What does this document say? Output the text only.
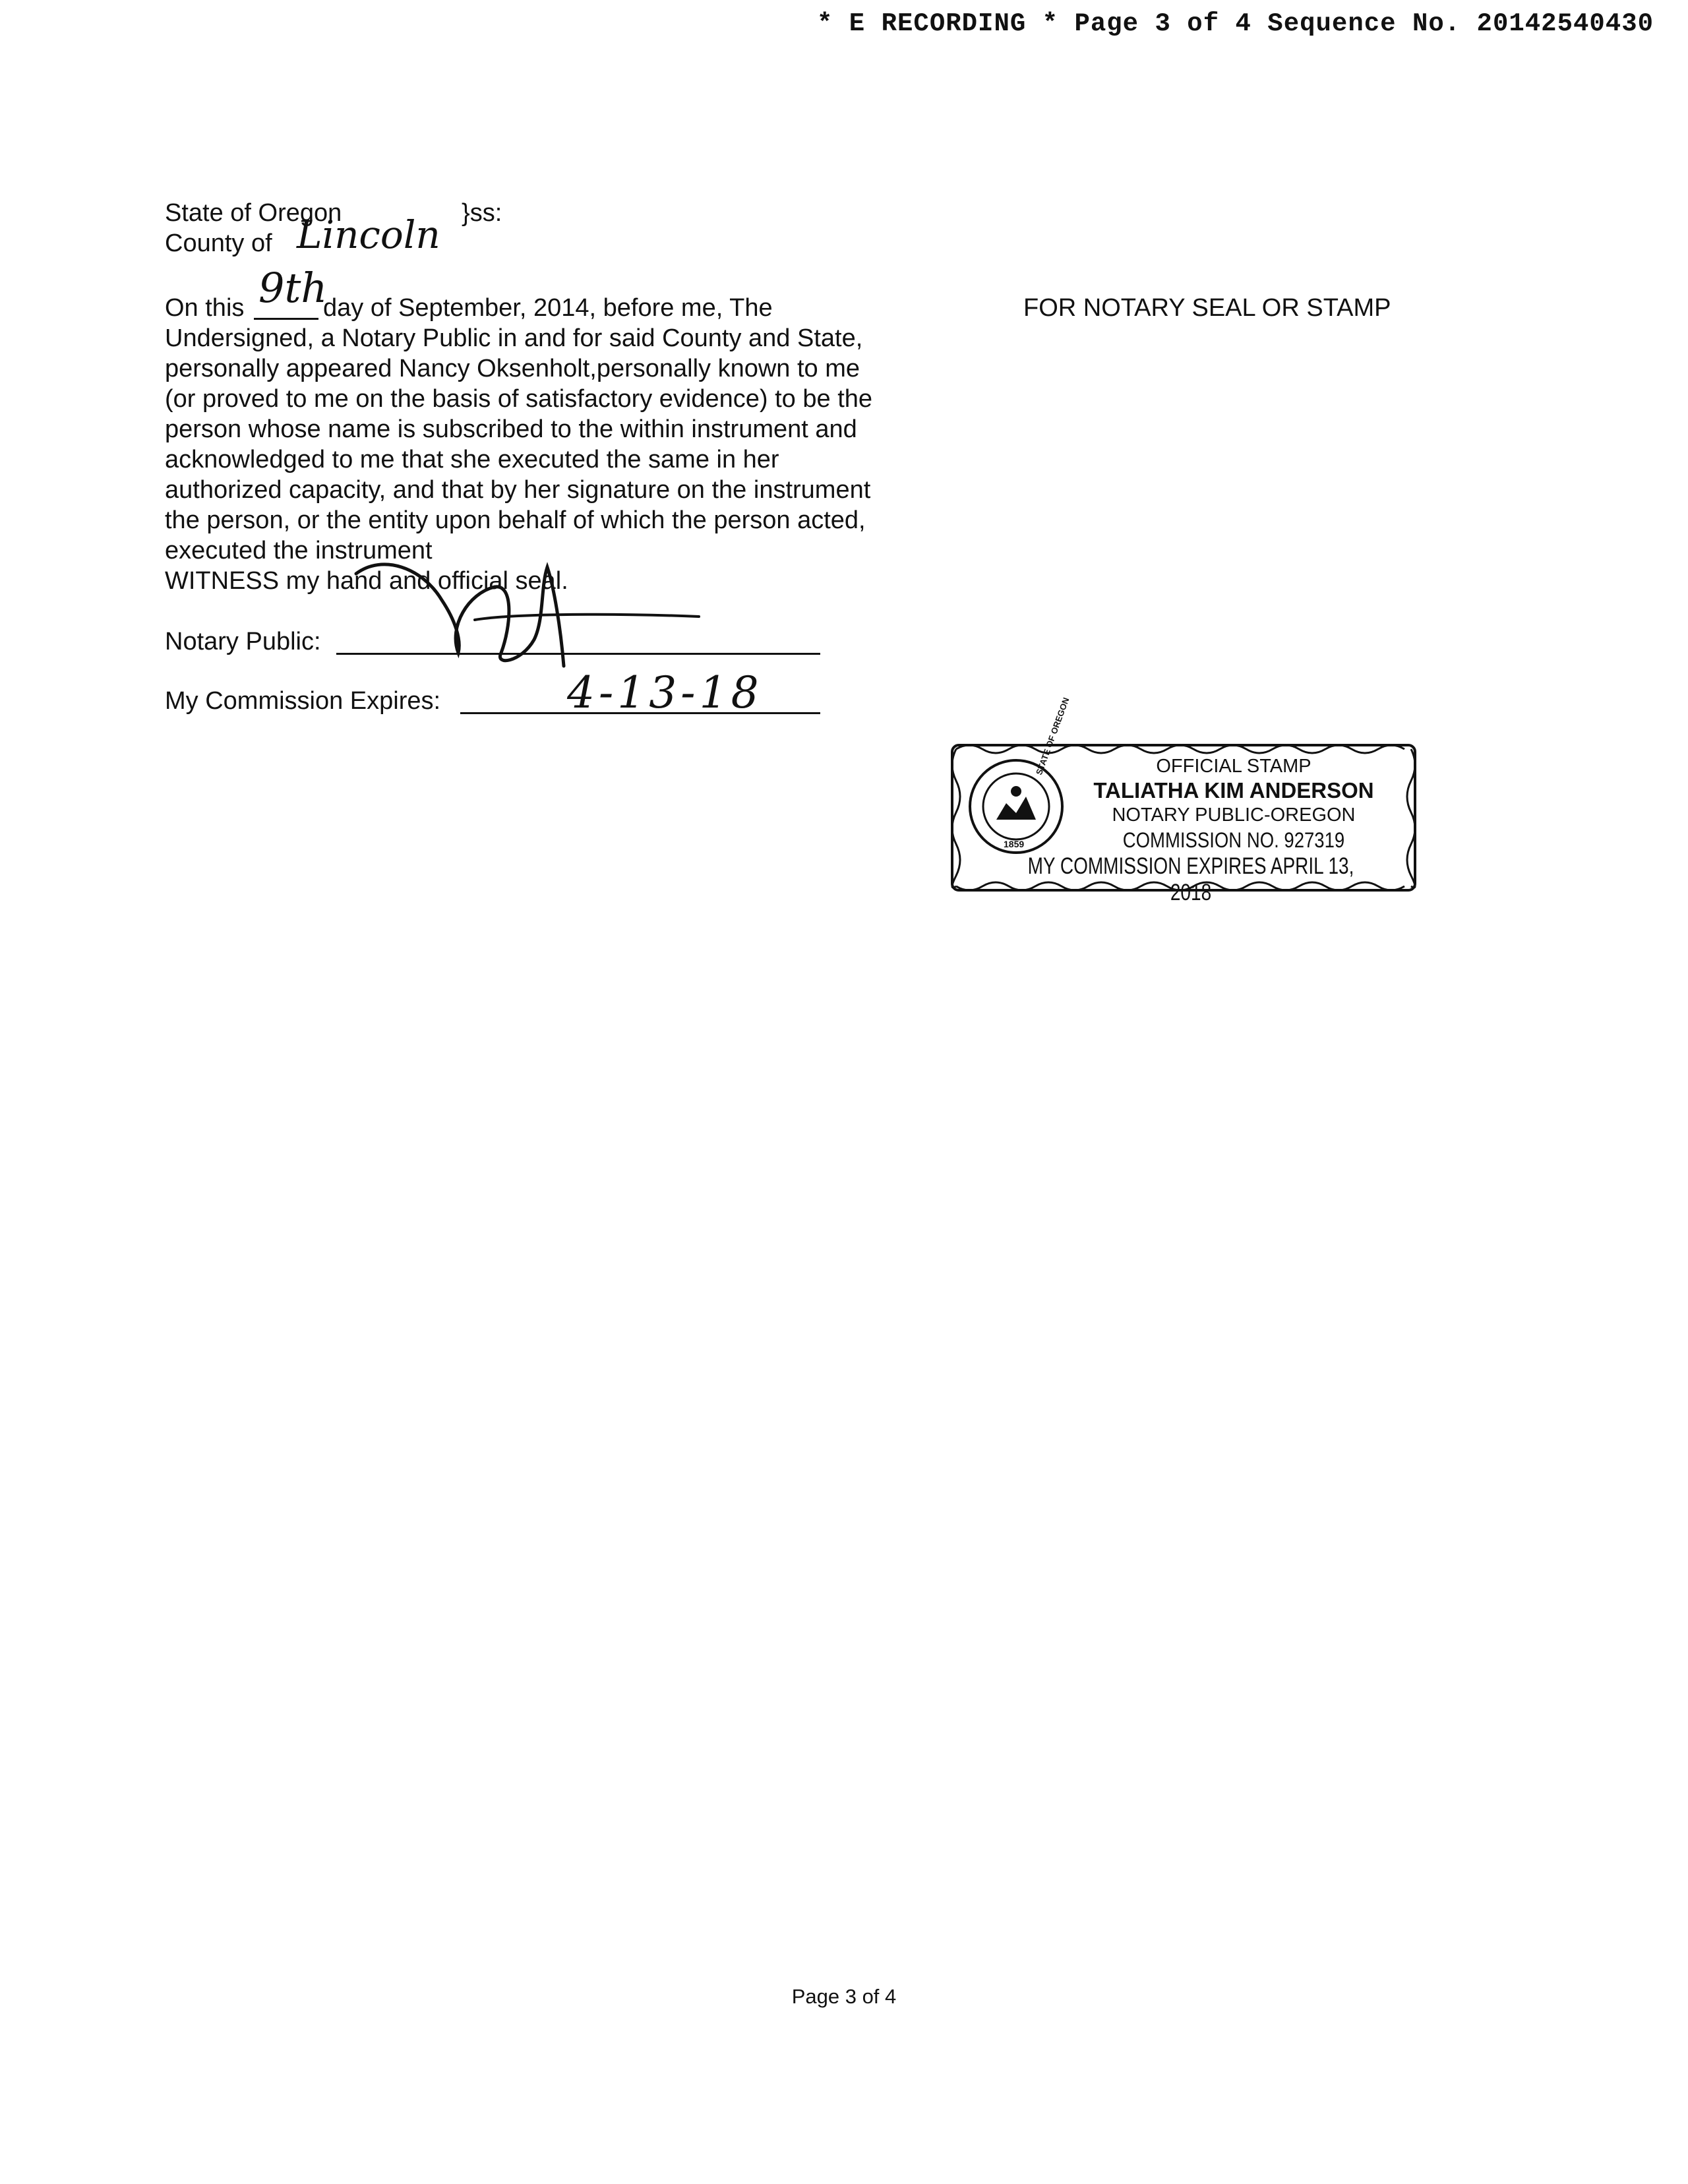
* E RECORDING * Page 3 of 4 Sequence No. 20142540430
State of Oregon	}ss:
County of Lincoln
On this 9th
day of September, 2014, before me, The
Undersigned, a Notary Public in and for said County and State,
personally appeared Nancy Oksenholt,personally known to me
(or proved to me on the basis of satisfactory evidence) to be the
person whose name is subscribed to the within instrument and
acknowledged to me that she executed the same in her
authorized capacity, and that by her signature on the instrument
the person, or the entity upon behalf of which the person acted,
executed the instrument
WITNESS my hand and official seal.
Notary Public:
My Commission Expires:	4-13-18
FOR NOTARY SEAL OR STAMP
STATE OF OREGON
1859
OFFICIAL STAMP
TALIATHA KIM ANDERSON
NOTARY PUBLIC-OREGON
COMMISSION NO. 927319
MY COMMISSION EXPIRES APRIL 13, 2018
Page 3 of 4
